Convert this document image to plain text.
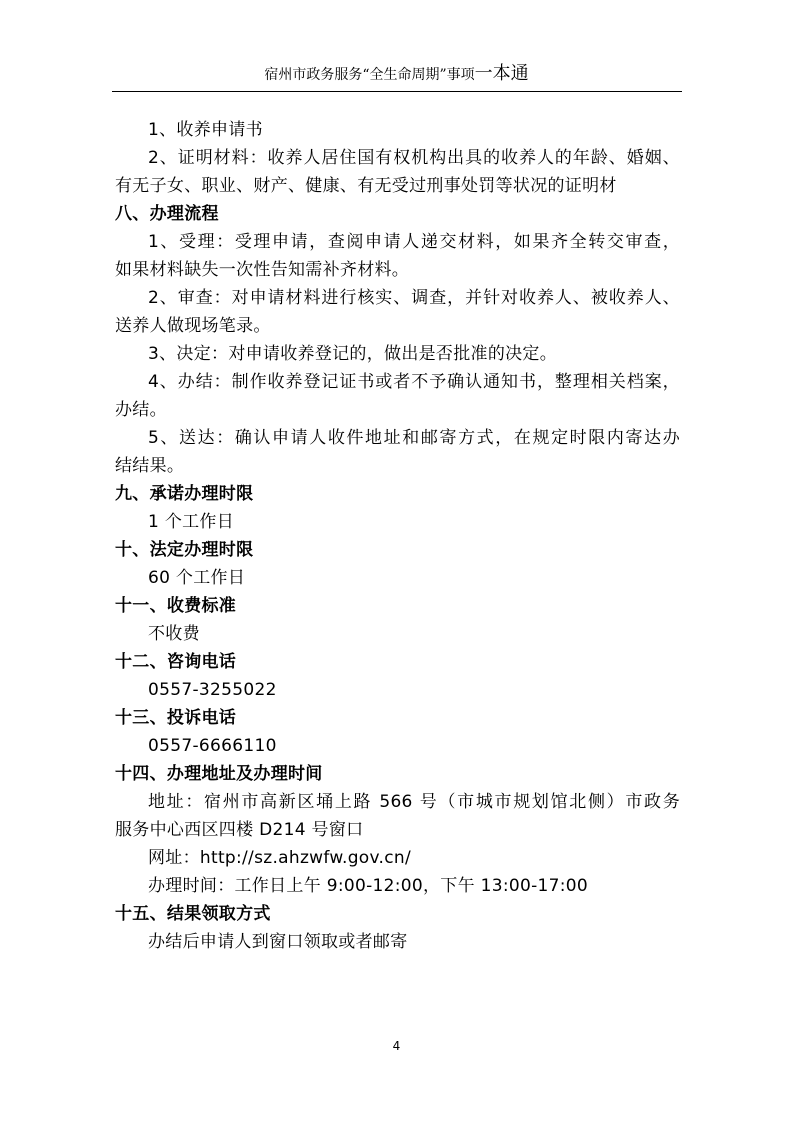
宿州市政务服务“全生命周期”事项一本通
1、收养申请书
2、证明材料：收养人居住国有权机构出具的收养人的年龄、婚姻、
有无子女、职业、财产、健康、有无受过刑事处罚等状况的证明材
八、办理流程
1、受理：受理申请，查阅申请人递交材料，如果齐全转交审查，
如果材料缺失一次性告知需补齐材料。
2、审查：对申请材料进行核实、调查，并针对收养人、被收养人、
送养人做现场笔录。
3、决定：对申请收养登记的，做出是否批准的决定。
4、办结：制作收养登记证书或者不予确认通知书，整理相关档案，
办结。
5、送达：确认申请人收件地址和邮寄方式，在规定时限内寄达办
结结果。
九、承诺办理时限
1 个工作日
十、法定办理时限
60 个工作日
十一、收费标准
不收费
十二、咨询电话
0557-3255022
十三、投诉电话
0557-6666110
十四、办理地址及办理时间
地址：宿州市高新区埇上路 566 号（市城市规划馆北侧）市政务
服务中心西区四楼 D214 号窗口
网址：http://sz.ahzwfw.gov.cn/
办理时间：工作日上午 9:00-12:00，下午 13:00-17:00
十五、结果领取方式
办结后申请人到窗口领取或者邮寄
4
